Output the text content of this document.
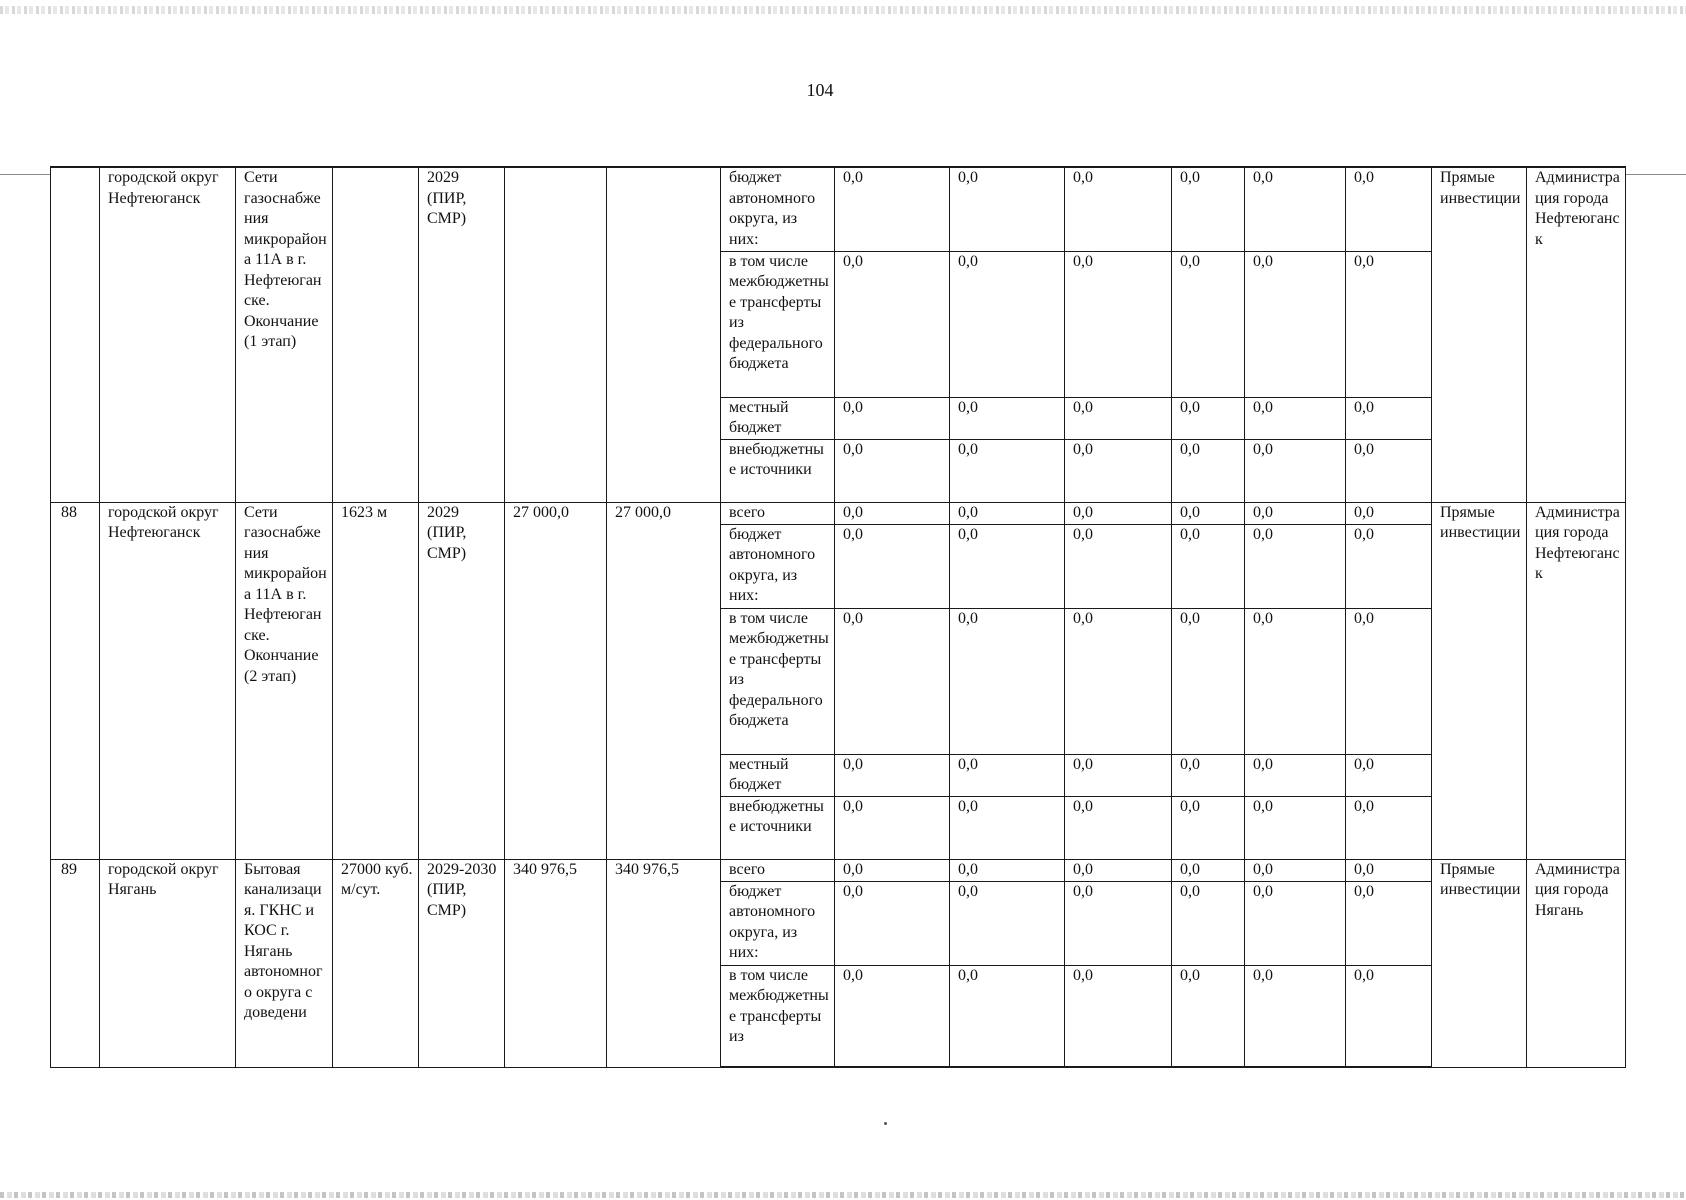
104
	городской округ Нефтеюганск	Сети газоснабжения микрорайона 11А в г. Нефтеюганске. Окончание (1 этап)		2029 (ПИР, СМР)			бюджет автономного округа, из них:	0,0	0,0	0,0	0,0	0,0	0,0	Прямые инвестиции	Администрация города Нефтеюганск
							в том числе межбюджетные трансферты из федерального бюджета	0,0	0,0	0,0	0,0	0,0	0,0		
							местный бюджет	0,0	0,0	0,0	0,0	0,0	0,0		
							внебюджетные источники	0,0	0,0	0,0	0,0	0,0	0,0		
88	городской округ Нефтеюганск	Сети газоснабжения микрорайона 11А в г. Нефтеюганске. Окончание (2 этап)	1623 м	2029 (ПИР, СМР)	27 000,0	27 000,0	всего	0,0	0,0	0,0	0,0	0,0	0,0	Прямые инвестиции	Администрация города Нефтеюганск
							бюджет автономного округа, из них:	0,0	0,0	0,0	0,0	0,0	0,0		
							в том числе межбюджетные трансферты из федерального бюджета	0,0	0,0	0,0	0,0	0,0	0,0		
							местный бюджет	0,0	0,0	0,0	0,0	0,0	0,0		
							внебюджетные источники	0,0	0,0	0,0	0,0	0,0	0,0		
89	городской округ Нягань	Бытовая канализация. ГКНС и КОС г. Нягань автономного округа с доведени	27000 куб. м/сут.	2029-2030 (ПИР, СМР)	340 976,5	340 976,5	всего	0,0	0,0	0,0	0,0	0,0	0,0	Прямые инвестиции	Администрация города Нягань
							бюджет автономного округа, из них:	0,0	0,0	0,0	0,0	0,0	0,0		
							в том числе межбюджетные трансферты из	0,0	0,0	0,0	0,0	0,0	0,0		
